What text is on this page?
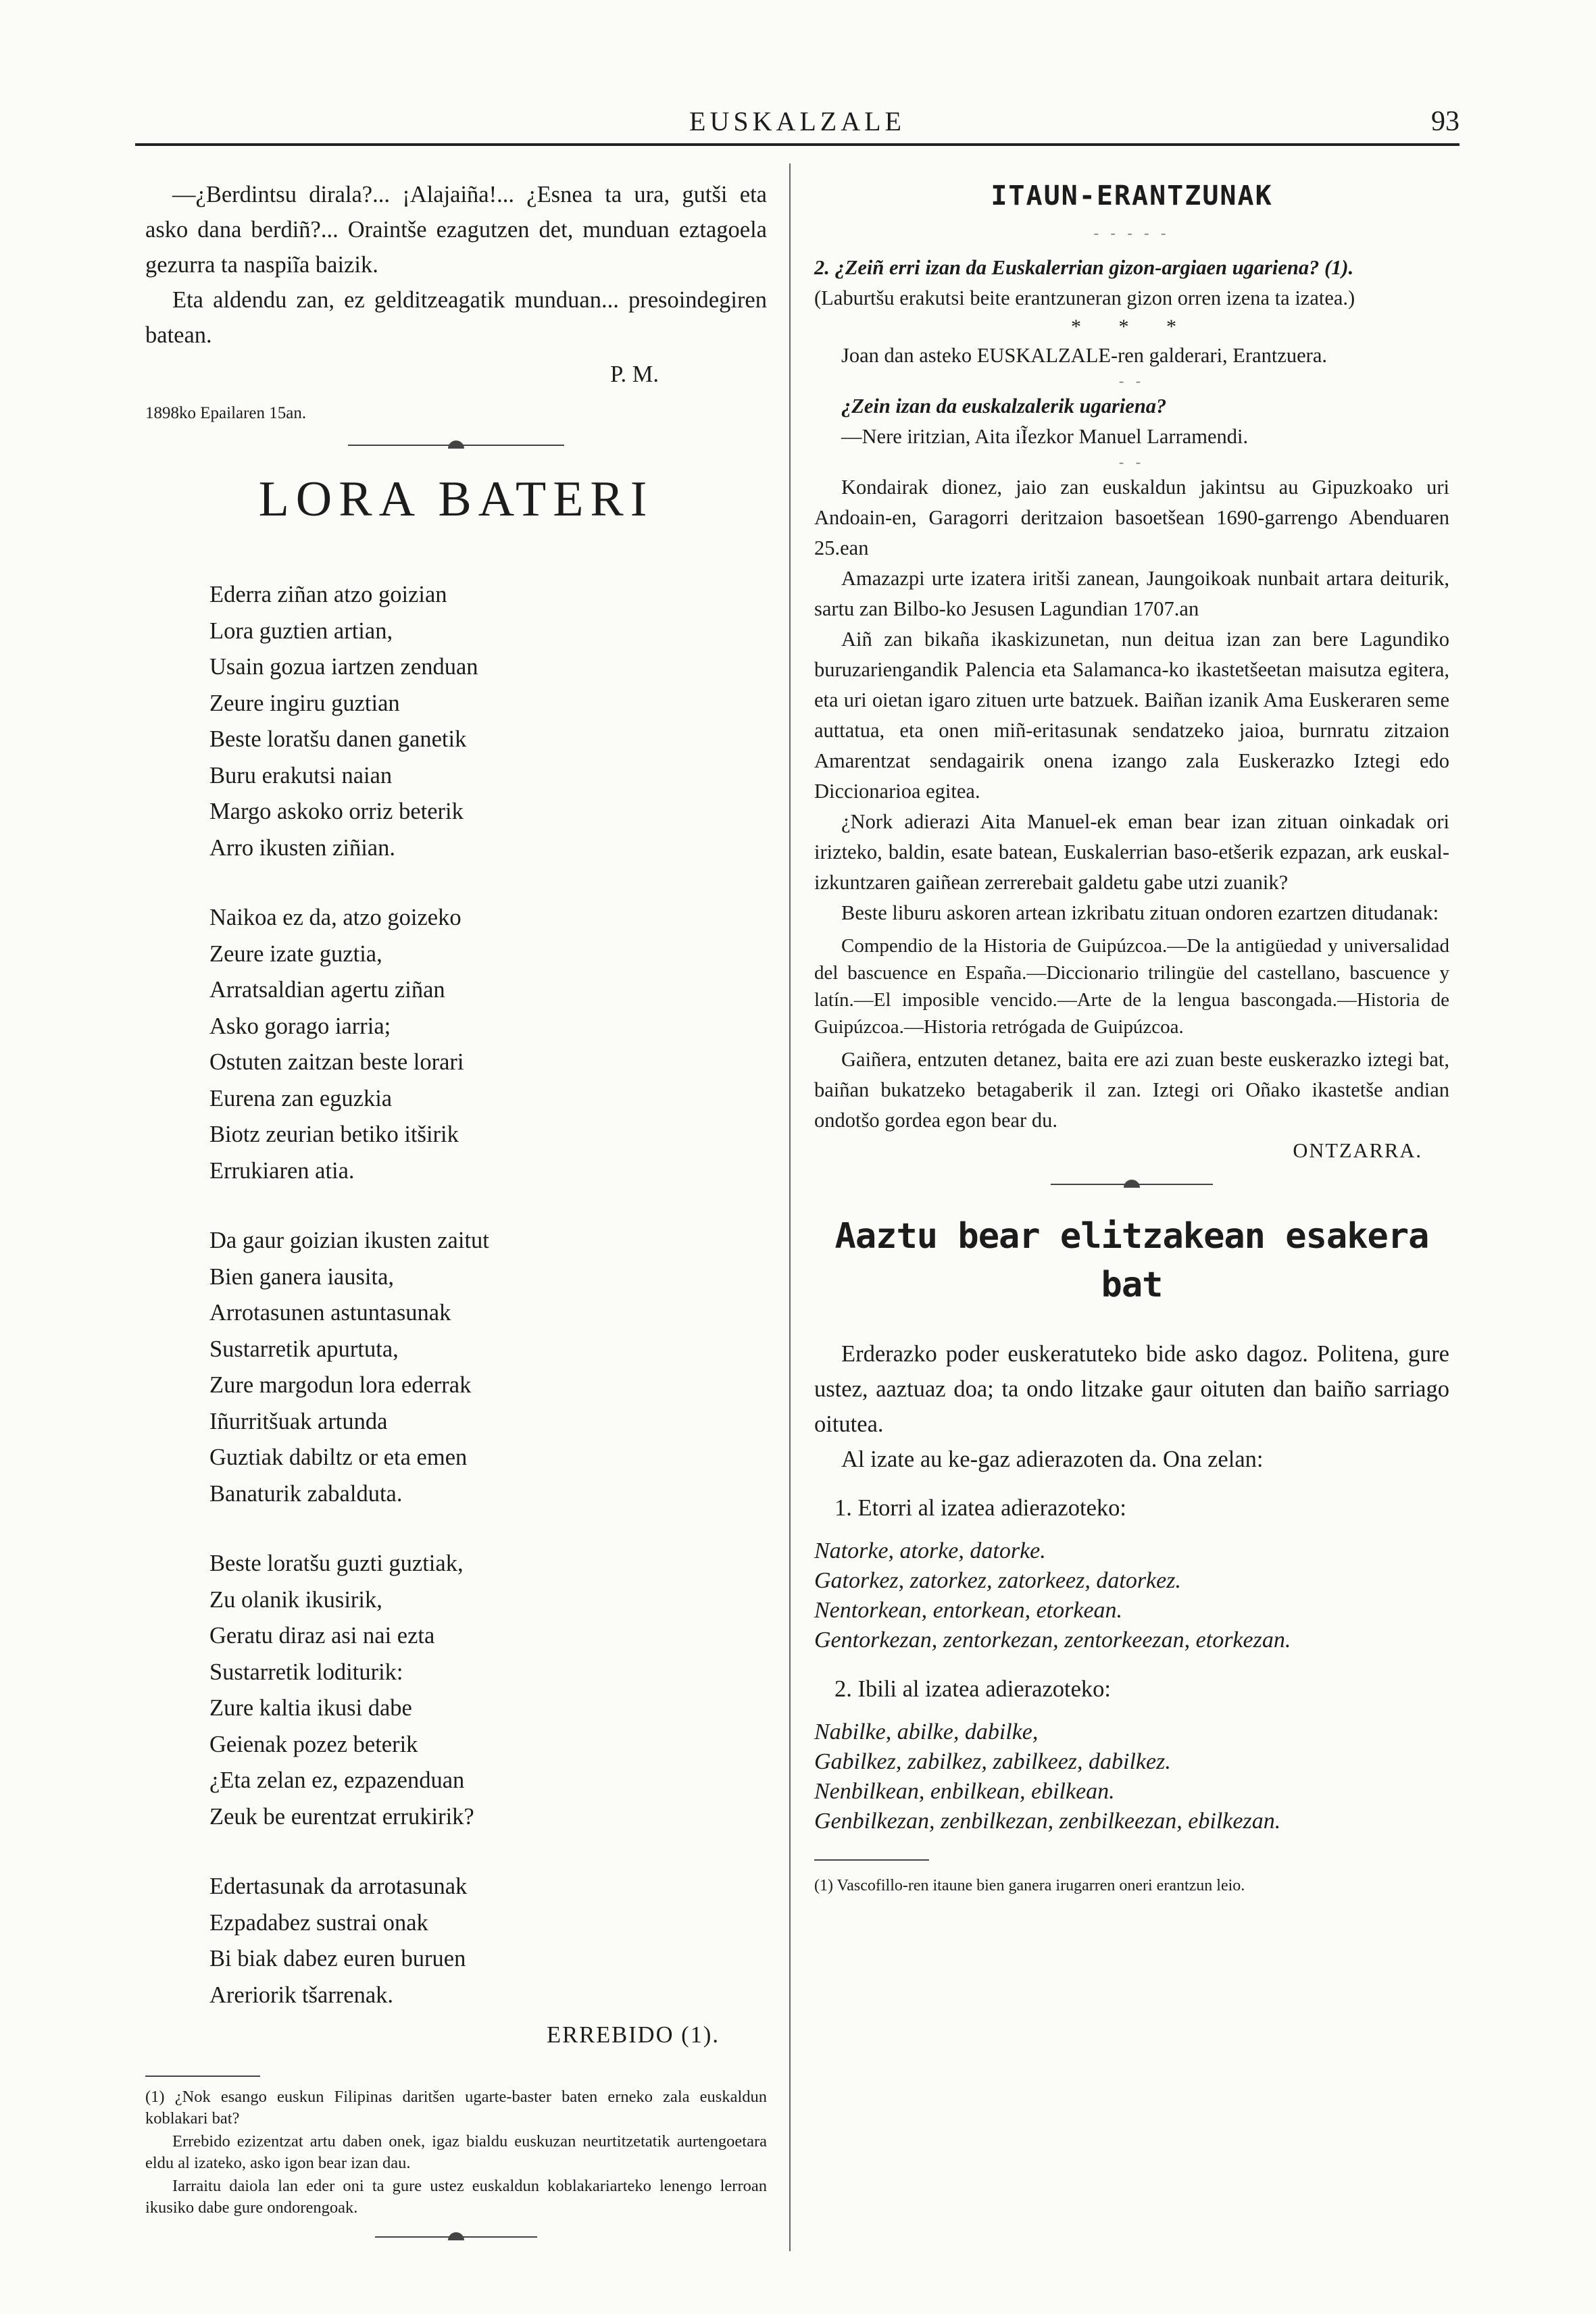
EUSKALZALE	93

—¿Berdintsu dirala?... ¡Alajaiña!... ¿Esnea ta ura, gutši eta asko dana berdiñ?... Oraintše ezagutzen det, munduan eztagoela gezurra ta naspiĩa baizik.

Eta aldendu zan, ez gelditzeagatik munduan... presoindegiren batean.

P. M.

1898ko Epailaren 15an.

LORA BATERI

Ederra ziñan atzo goizian

Lora guztien artian,

Usain gozua iartzen zenduan

Zeure ingiru guztian

Beste loratšu danen ganetik

Buru erakutsi naian

Margo askoko orriz beterik

Arro ikusten ziñian.

Naikoa ez da, atzo goizeko

Zeure izate guztia,

Arratsaldian agertu ziñan

Asko gorago iarria;

Ostuten zaitzan beste lorari

Eurena zan eguzkia

Biotz zeurian betiko itširik

Errukiaren atia.

Da gaur goizian ikusten zaitut

Bien ganera iausita,

Arrotasunen astuntasunak

Sustarretik apurtuta,

Zure margodun lora ederrak

Iñurritšuak artunda

Guztiak dabiltz or eta emen

Banaturik zabalduta.

Beste loratšu guzti guztiak,

Zu olanik ikusirik,

Geratu diraz asi nai ezta

Sustarretik loditurik:

Zure kaltia ikusi dabe

Geienak pozez beterik

¿Eta zelan ez, ezpazenduan

Zeuk be eurentzat errukirik?

Edertasunak da arrotasunak

Ezpadabez sustrai onak

Bi biak dabez euren buruen

Areriorik tšarrenak.

ERREBIDO (1).

(1) ¿Nok esango euskun Filipinas daritšen ugarte-baster baten erneko zala euskaldun koblakari bat?

Errebido ezizentzat artu daben onek, igaz bialdu euskuzan neurtitzetatik aurtengoetara eldu al izateko, asko igon bear izan dau.

Iarraitu daiola lan eder oni ta gure ustez euskaldun koblakariarteko lenengo lerroan ikusiko dabe gure ondorengoak.

ITAUN-ERANTZUNAK
- - - - -

2. ¿Zeiñ erri izan da Euskalerrian gizon-argiaen ugariena? (1).

(Laburtšu erakutsi beite erantzuneran gizon orren izena ta izatea.)

* * *

Joan dan asteko EUSKALZALE-ren galderari, Erantzuera.

- -

¿Zein izan da euskalzalerik ugariena?

—Nere iritzian, Aita iĨezkor Manuel Larramendi.

- -

Kondairak dionez, jaio zan euskaldun jakintsu au Gipuzkoako uri Andoain-en, Garagorri deritzaion basoetšean 1690-garrengo Abenduaren 25.ean

Amazazpi urte izatera iritši zanean, Jaungoikoak nunbait artara deiturik, sartu zan Bilbo-ko Jesusen Lagundian 1707.an

Aiñ zan bikaña ikaskizunetan, nun deitua izan zan bere Lagundiko buruzariengandik Palencia eta Salamanca-ko ikastetšeetan maisutza egitera, eta uri oietan igaro zituen urte batzuek. Baiñan izanik Ama Euskeraren seme auttatua, eta onen miñ-eritasunak sendatzeko jaioa, burnratu zitzaion Amarentzat sendagairik onena izango zala Euskerazko Iztegi edo Diccionarioa egitea.

¿Nork adierazi Aita Manuel-ek eman bear izan zituan oinkadak ori irizteko, baldin, esate batean, Euskalerrian baso-etšerik ezpazan, ark euskal-izkuntzaren gaiñean zerrerebait galdetu gabe utzi zuanik?

Beste liburu askoren artean izkribatu zituan ondoren ezartzen ditudanak:

Compendio de la Historia de Guipúzcoa.—De la antigüedad y universalidad del bascuence en España.—Diccionario trilingüe del castellano, bascuence y latín.—El imposible vencido.—Arte de la lengua bascongada.—Historia de Guipúzcoa.—Historia retrógada de Guipúzcoa.

Gaiñera, entzuten detanez, baita ere azi zuan beste euskerazko iztegi bat, baiñan bukatzeko betagaberik il zan. Iztegi ori Oñako ikastetše andian ondotšo gordea egon bear du.

ONTZARRA.

Aaztu bear elitzakean esakera bat

Erderazko poder euskeratuteko bide asko dagoz. Politena, gure ustez, aaztuaz doa; ta ondo litzake gaur oituten dan baiño sarriago oitutea.

Al izate au ke-gaz adierazoten da. Ona zelan:

1. Etorri al izatea adierazoteko:

Natorke, atorke, datorke.

Gatorkez, zatorkez, zatorkeez, datorkez.

Nentorkean, entorkean, etorkean.

Gentorkezan, zentorkezan, zentorkeezan, etorkezan.

2. Ibili al izatea adierazoteko:

Nabilke, abilke, dabilke,

Gabilkez, zabilkez, zabilkeez, dabilkez.

Nenbilkean, enbilkean, ebilkean.

Genbilkezan, zenbilkezan, zenbilkeezan, ebilkezan.

(1) Vascofillo-ren itaune bien ganera irugarren oneri erantzun leio.
